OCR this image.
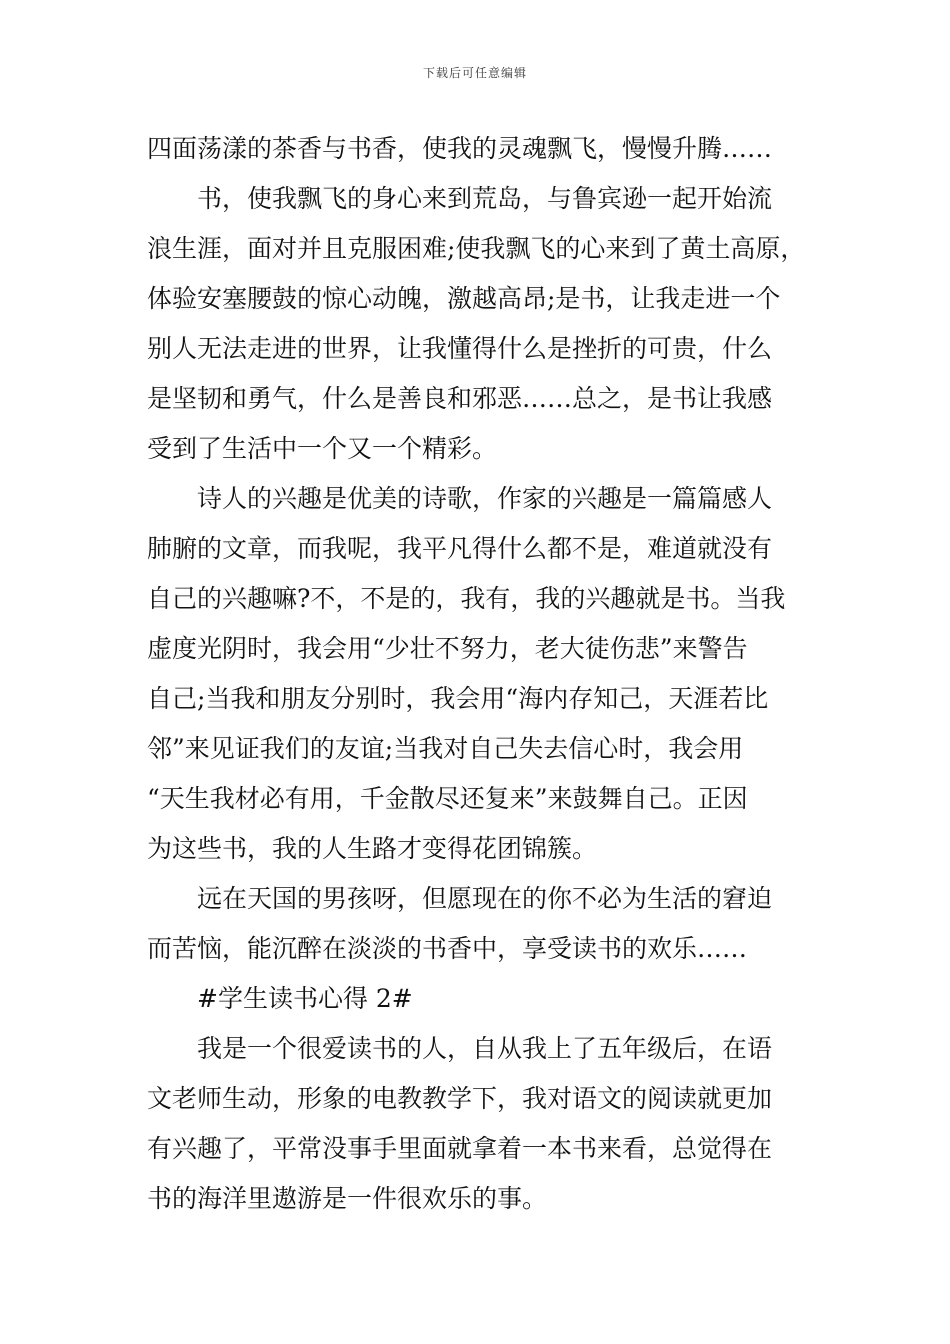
下载后可任意编辑

四面荡漾的茶香与书香，使我的灵魂飘飞，慢慢升腾……

书，使我飘飞的身心来到荒岛，与鲁宾逊一起开始流
浪生涯，面对并且克服困难;使我飘飞的心来到了黄土高原，
体验安塞腰鼓的惊心动魄，激越高昂;是书，让我走进一个
别人无法走进的世界，让我懂得什么是挫折的可贵，什么
是坚韧和勇气，什么是善良和邪恶……总之，是书让我感
受到了生活中一个又一个精彩。

诗人的兴趣是优美的诗歌，作家的兴趣是一篇篇感人
肺腑的文章，而我呢，我平凡得什么都不是，难道就没有
自己的兴趣嘛?不，不是的，我有，我的兴趣就是书。当我
虚度光阴时，我会用“少壮不努力，老大徒伤悲”来警告
自己;当我和朋友分别时，我会用“海内存知己，天涯若比
邻”来见证我们的友谊;当我对自己失去信心时，我会用
“天生我材必有用，千金散尽还复来”来鼓舞自己。正因
为这些书，我的人生路才变得花团锦簇。

远在天国的男孩呀，但愿现在的你不必为生活的窘迫
而苦恼，能沉醉在淡淡的书香中，享受读书的欢乐……

#学生读书心得 2#

我是一个很爱读书的人，自从我上了五年级后，在语
文老师生动，形象的电教教学下，我对语文的阅读就更加
有兴趣了，平常没事手里面就拿着一本书来看，总觉得在
书的海洋里遨游是一件很欢乐的事。
